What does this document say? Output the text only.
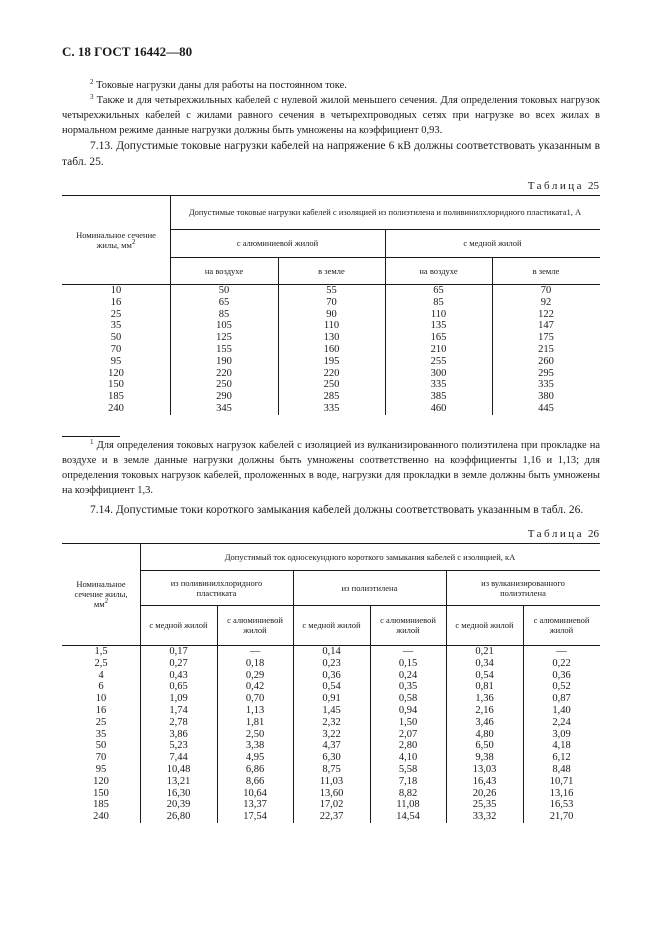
С. 18 ГОСТ 16442—80
$^2$ Токовые нагрузки даны для работы на постоянном токе.
$^3$ Также и для четырехжильных кабелей с нулевой жилой меньшего сечения. Для определения токовых нагрузок четырехжильных кабелей с жилами равного сечения в четырехпроводных сетях при нагрузке во всех жилах в нормальном режиме данные нагрузки должны быть умножены на коэффициент 0,93.
7.13. Допустимые токовые нагрузки кабелей на напряжение 6 кВ должны соответствовать указанным в табл. 25.
Таблица 25
Номинальное сечение жилы, $мм^2$
Допустимые токовые нагрузки кабелей с изоляцией из полиэтилена и поливинилхлоридного пластиката1, А
с алюминиевой жилой	с медной жилой
на воздухе	в земле	на воздухе	в земле
10	50	55	65	70
16	65	70	85	92
25	85	90	110	122
35	105	110	135	147
50	125	130	165	175
70	155	160	210	215
95	190	195	255	260
120	220	220	300	295
150	250	250	335	335
185	290	285	385	380
240	345	335	460	445
$^1$ Для определения токовых нагрузок кабелей с изоляцией из вулканизированного полиэтилена при прокладке на воздухе и в земле данные нагрузки должны быть умножены соответственно на коэффициенты 1,16 и 1,13; для определения токовых нагрузок кабелей, проложенных в воде, нагрузки для прокладки в земле должны быть умножены на коэффициент 1,3.
7.14. Допустимые токи короткого замыкания кабелей должны соответствовать указанным в табл. 26.
Таблица 26
Номинальное сечение жилы, $мм^2$
Допустимый ток односекундного короткого замыкания кабелей с изоляцией, кА
из поливинилхлоридного пластиката	из полиэтилена	из вулканизированного полиэтилена
с медной жилой	с алюминиевой жилой	с медной жилой	с алюминиевой жилой	с медной жилой	с алюминиевой жилой
1,5	0,17	—	0,14	—	0,21	—
2,5	0,27	0,18	0,23	0,15	0,34	0,22
4	0,43	0,29	0,36	0,24	0,54	0,36
6	0,65	0,42	0,54	0,35	0,81	0,52
10	1,09	0,70	0,91	0,58	1,36	0,87
16	1,74	1,13	1,45	0,94	2,16	1,40
25	2,78	1,81	2,32	1,50	3,46	2,24
35	3,86	2,50	3,22	2,07	4,80	3,09
50	5,23	3,38	4,37	2,80	6,50	4,18
70	7,44	4,95	6,30	4,10	9,38	6,12
95	10,48	6,86	8,75	5,58	13,03	8,48
120	13,21	8,66	11,03	7,18	16,43	10,71
150	16,30	10,64	13,60	8,82	20,26	13,16
185	20,39	13,37	17,02	11,08	25,35	16,53
240	26,80	17,54	22,37	14,54	33,32	21,70
